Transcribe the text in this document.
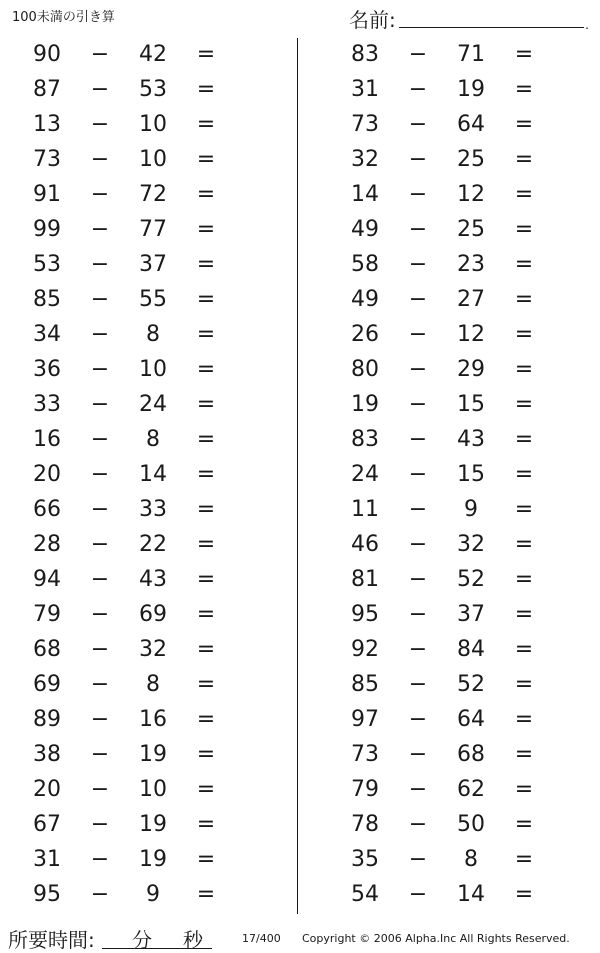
100未満の引き算	名前:	.
90	−	42	=
87	−	53	=
13	−	10	=
73	−	10	=
91	−	72	=
99	−	77	=
53	−	37	=
85	−	55	=
34	−	8	=
36	−	10	=
33	−	24	=
16	−	8	=
20	−	14	=
66	−	33	=
28	−	22	=
94	−	43	=
79	−	69	=
68	−	32	=
69	−	8	=
89	−	16	=
38	−	19	=
20	−	10	=
67	−	19	=
31	−	19	=
95	−	9	=
83	−	71	=
31	−	19	=
73	−	64	=
32	−	25	=
14	−	12	=
49	−	25	=
58	−	23	=
49	−	27	=
26	−	12	=
80	−	29	=
19	−	15	=
83	−	43	=
24	−	15	=
11	−	9	=
46	−	32	=
81	−	52	=
95	−	37	=
92	−	84	=
85	−	52	=
97	−	64	=
73	−	68	=
79	−	62	=
78	−	50	=
35	−	8	=
54	−	14	=
所要時間: 分 秒	17/400 Copyright © 2006 Alpha.Inc All Rights Reserved.
